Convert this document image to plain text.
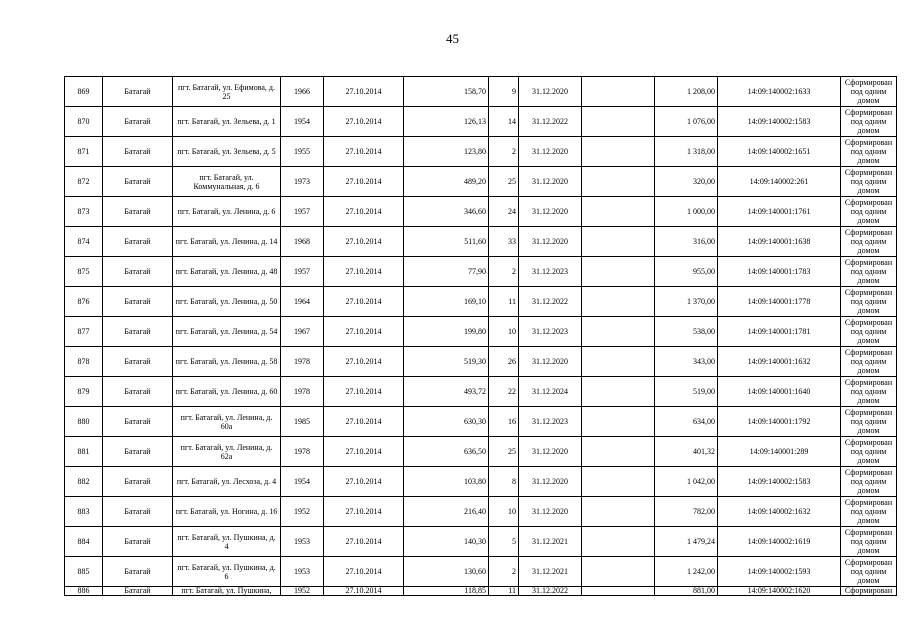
45
869	Батагай	пгт. Батагай, ул. Ефимова, д. 25	1966	27.10.2014	158,70	9	31.12.2020		1 208,00	14:09:140002:1633	Сформирован под одним домом
870	Батагай	пгт. Батагай, ул. Зельева, д. 1	1954	27.10.2014	126,13	14	31.12.2022		1 076,00	14:09:140002:1583	Сформирован под одним домом
871	Батагай	пгт. Батагай, ул. Зельева, д. 5	1955	27.10.2014	123,80	2	31.12.2020		1 318,00	14:09:140002:1651	Сформирован под одним домом
872	Батагай	пгт. Батагай, ул. Коммунальная, д. 6	1973	27.10.2014	489,20	25	31.12.2020		320,00	14:09:140002:261	Сформирован под одним домом
873	Батагай	пгт. Батагай, ул. Ленина, д. 6	1957	27.10.2014	346,60	24	31.12.2020		1 000,00	14:09:140001:1761	Сформирован под одним домом
874	Батагай	пгт. Батагай, ул. Ленина, д. 14	1968	27.10.2014	511,60	33	31.12.2020		316,00	14:09:140001:1638	Сформирован под одним домом
875	Батагай	пгт. Батагай, ул. Ленина, д. 48	1957	27.10.2014	77,90	2	31.12.2023		955,00	14:09:140001:1783	Сформирован под одним домом
876	Батагай	пгт. Батагай, ул. Ленина, д. 50	1964	27.10.2014	169,10	11	31.12.2022		1 370,00	14:09:140001:1778	Сформирован под одним домом
877	Батагай	пгт. Батагай, ул. Ленина, д. 54	1967	27.10.2014	199,80	10	31.12.2023		538,00	14:09:140001:1781	Сформирован под одним домом
878	Батагай	пгт. Батагай, ул. Ленина, д. 58	1978	27.10.2014	519,30	26	31.12.2020		343,00	14:09:140001:1632	Сформирован под одним домом
879	Батагай	пгт. Батагай, ул. Ленина, д. 60	1978	27.10.2014	493,72	22	31.12.2024		519,00	14:09:140001:1640	Сформирован под одним домом
880	Батагай	пгт. Батагай, ул. Ленина, д. 60а	1985	27.10.2014	630,30	16	31.12.2023		634,00	14:09:140001:1792	Сформирован под одним домом
881	Батагай	пгт. Батагай, ул. Ленина, д. 62а	1978	27.10.2014	636,50	25	31.12.2020		401,32	14:09:140001:289	Сформирован под одним домом
882	Батагай	пгт. Батагай, ул. Лесхоза, д. 4	1954	27.10.2014	103,80	8	31.12.2020		1 042,00	14:09:140002:1583	Сформирован под одним домом
883	Батагай	пгт. Батагай, ул. Ногина, д. 16	1952	27.10.2014	216,40	10	31.12.2020		782,00	14:09:140002:1632	Сформирован под одним домом
884	Батагай	пгт. Батагай, ул. Пушкина, д. 4	1953	27.10.2014	140,30	5	31.12.2021		1 479,24	14:09:140002:1619	Сформирован под одним домом
885	Батагай	пгт. Батагай, ул. Пушкина, д. 6	1953	27.10.2014	130,60	2	31.12.2021		1 242,00	14:09:140002:1593	Сформирован под одним домом
886	Батагай	пгт. Батагай, ул. Пушкина,	1952	27.10.2014	118,85	11	31.12.2022		881,00	14:09:140002:1620	Сформирован
